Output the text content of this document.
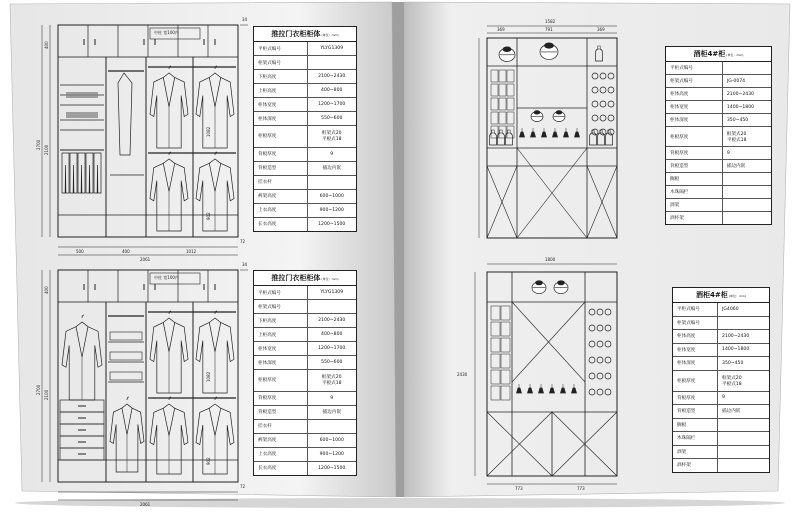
中柱 宽100内
34
400
2100
2700
1082
902
72
2061
500	400	1012
中柱 宽100内
34
400
2100
2700
1082
902
72
2061
1582
369	791	369
1800
2430
773	773
推拉门衣柜柜体(单位：mm)
平柜式编号	YLYG1309
柜架式编号
下柜高度	2100~2430
上柜高度	400~800
柜体宽度	1200~1700
柜体深度	550~600
柜板厚度
框架式20
平板式18
背板厚度	9
背板造型	插边内嵌
挂衣杆
裤架高度	600~1000
上衣高度	900~1200
长衣高度	1200~1500
推拉门衣柜柜体(单位：mm)
平柜式编号	YLYG1309
柜架式编号
下柜高度	2100~2430
上柜高度	400~800
柜体宽度	1200~1700
柜体深度	550~600
柜板厚度
框架式20
平板式18
背板厚度	9
背板造型	插边内嵌
挂衣杆
裤架高度	600~1000
上衣高度	900~1200
长衣高度	1200~1500
酒柜4#柜(单位：mm)
平柜式编号
柜架式编号	JG-0074
柜体高度	2100~2430
柜体宽度	1400~1800
柜体深度	350~450
柜板厚度
框架式20
平板式18
背板厚度	9
背板造型	插边内嵌
搁板
木珠隔栏
酒架
酒杯架
酒柜4#柜(单位：mm)
平柜式编号	JG4060
柜架式编号
柜体高度	2100~2430
柜体宽度	1400~1800
柜体深度	350~450
柜板厚度
框架式20
平板式18
背板厚度	9
背板造型	插边内嵌
搁板
木珠隔栏
酒架
酒杯架
